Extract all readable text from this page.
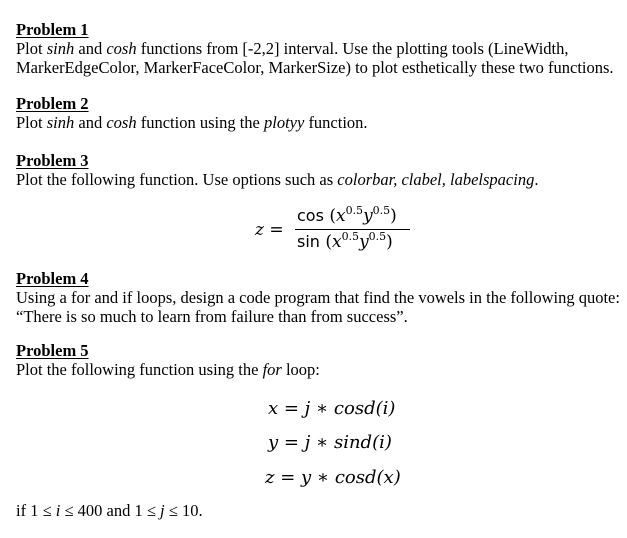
Problem 1
Plot sinh and cosh functions from [-2,2] interval. Use the plotting tools (LineWidth,
MarkerEdgeColor, MarkerFaceColor, MarkerSize) to plot esthetically these two functions.
Problem 2
Plot sinh and cosh function using the plotyy function.
Problem 3
Plot the following function. Use options such as colorbar, clabel, labelspacing.
z =
$\cos (x^{0.5}y^{0.5})$
$\sin (x^{0.5}y^{0.5})$
Problem 4
Using a for and if loops, design a code program that find the vowels in the following quote:
“There is so much to learn from failure than from success”.
Problem 5
Plot the following function using the for loop:
x = j ∗ cosd(i)
y = j ∗ sind(i)
z = y ∗ cosd(x)
if 1 ≤ i ≤ 400 and 1 ≤ j ≤ 10.
